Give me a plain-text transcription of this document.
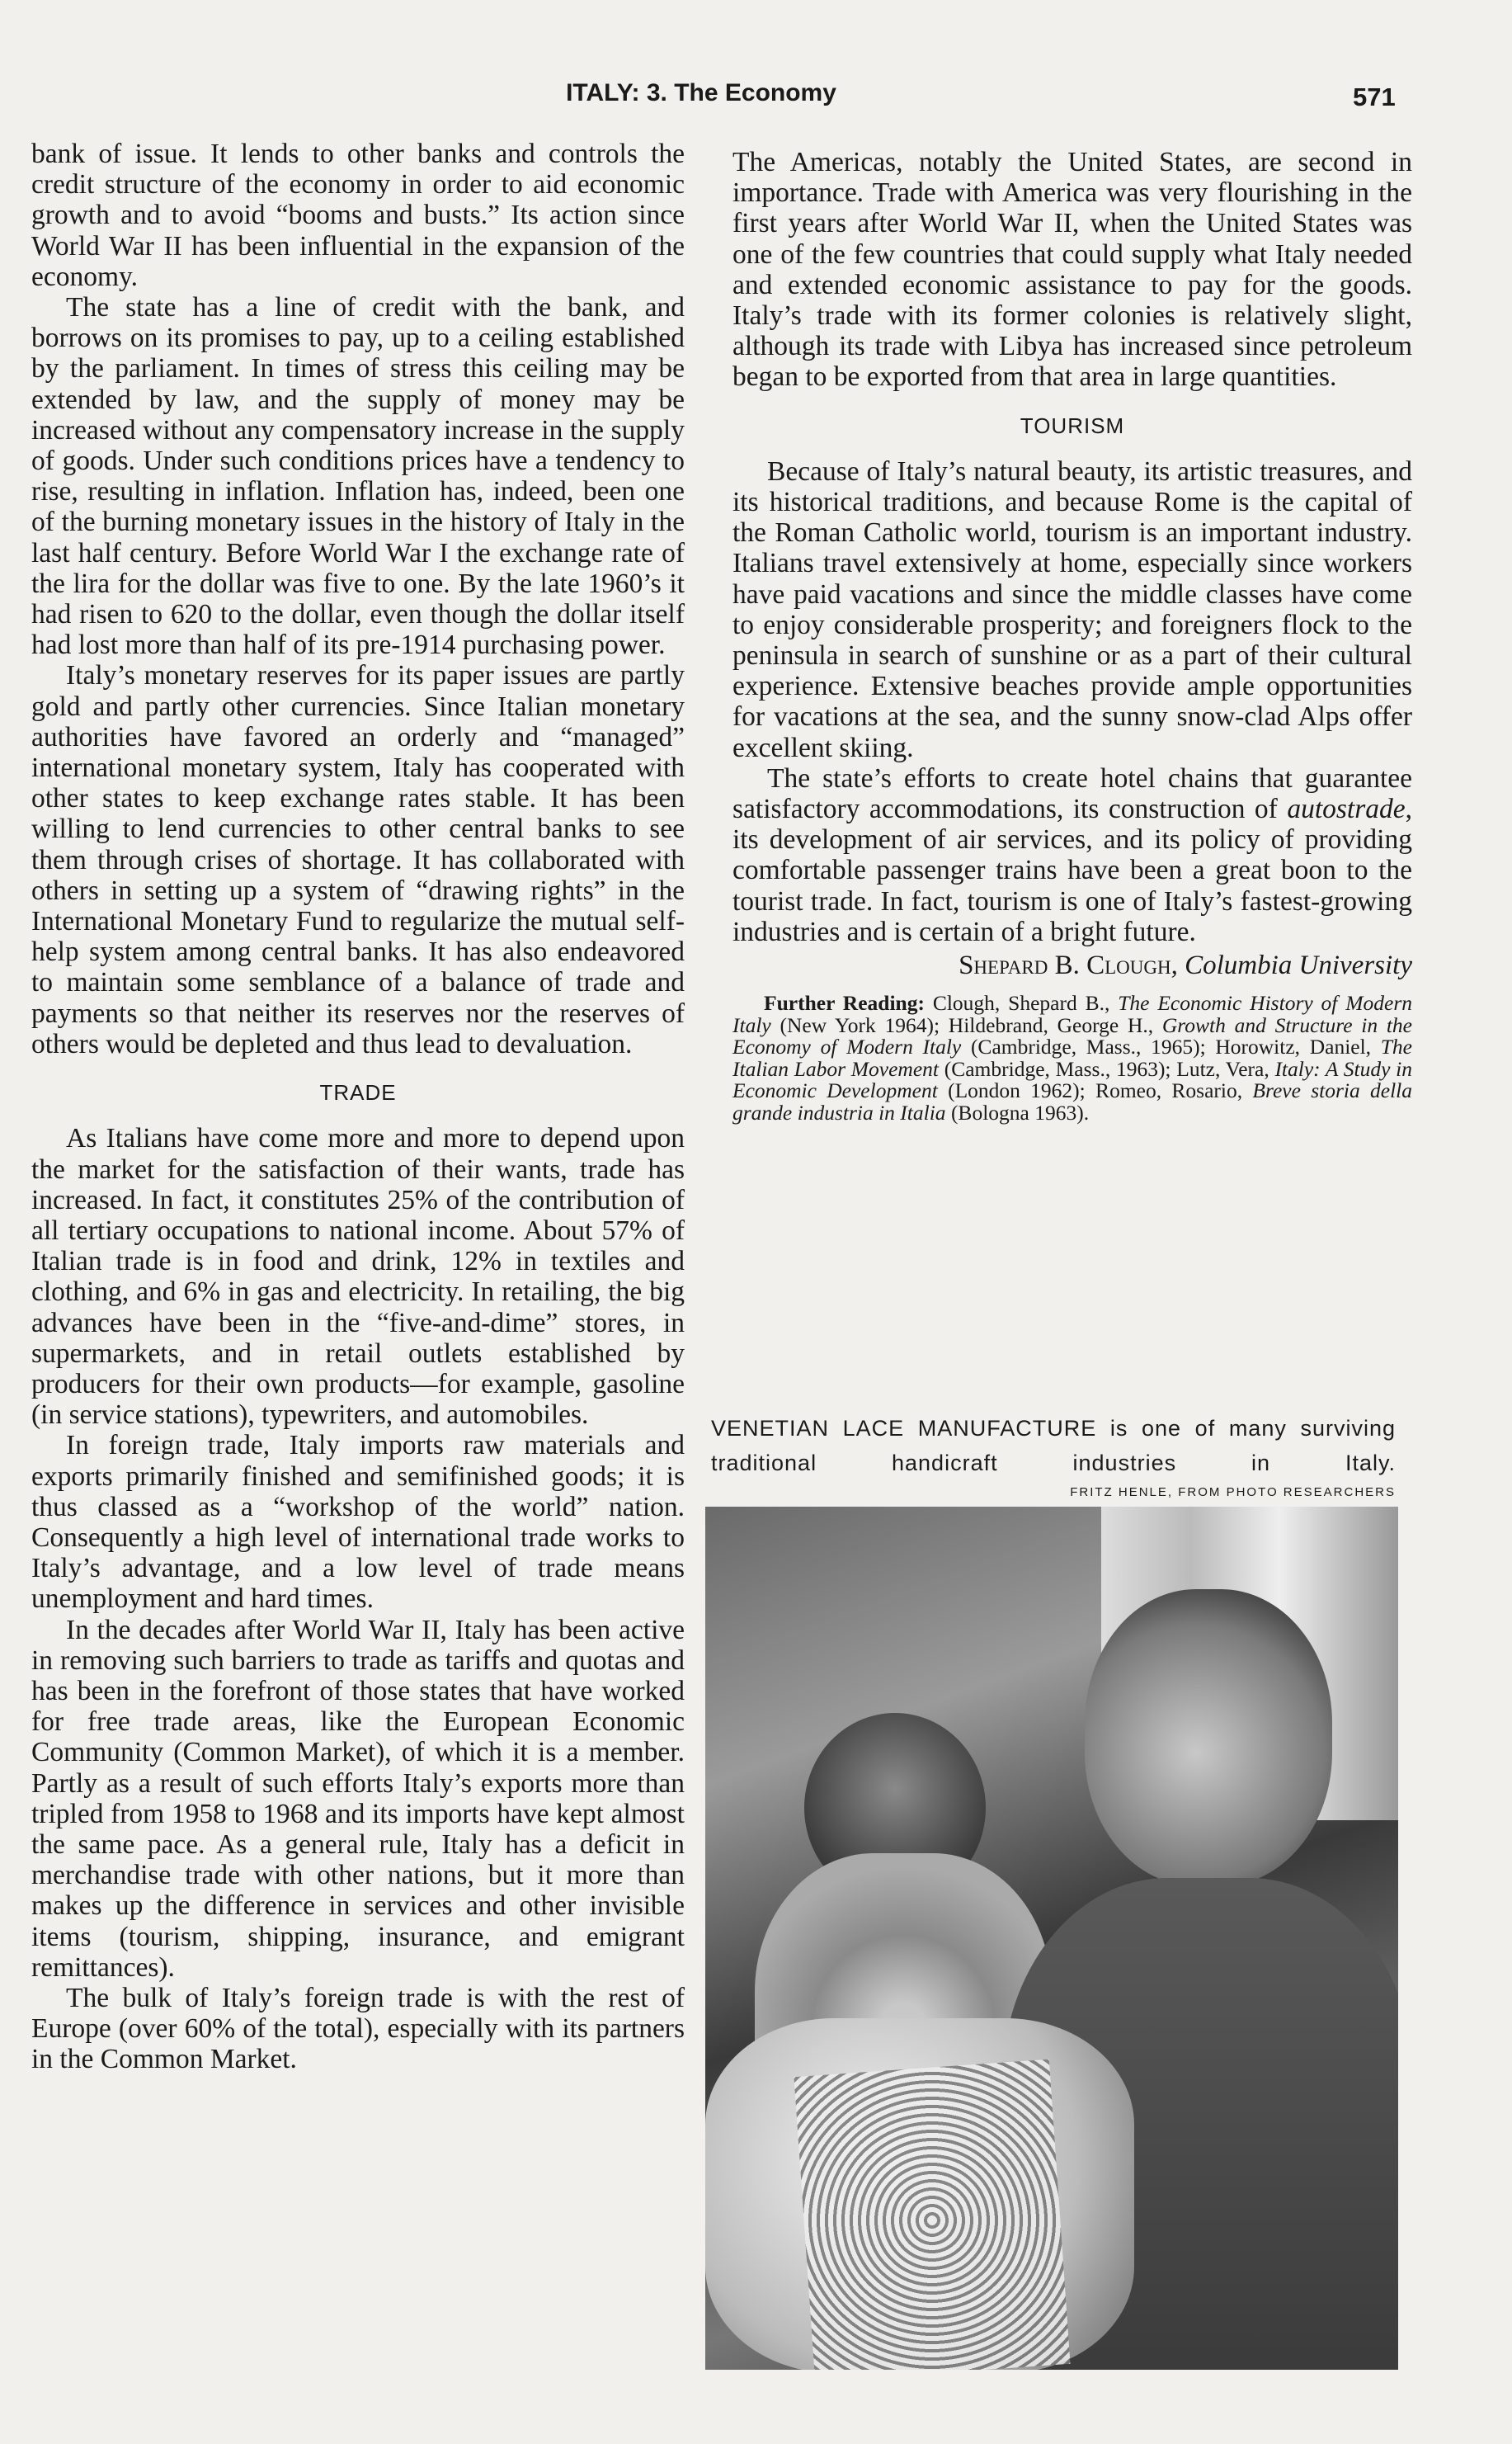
ITALY: 3. The Economy	571

bank of issue. It lends to other banks and controls the credit structure of the economy in order to aid economic growth and to avoid “booms and busts.” Its action since World War II has been influential in the expansion of the economy.

The state has a line of credit with the bank, and borrows on its promises to pay, up to a ceiling established by the parliament. In times of stress this ceiling may be extended by law, and the supply of money may be increased without any compensatory increase in the supply of goods. Under such conditions prices have a tendency to rise, resulting in inflation. Inflation has, indeed, been one of the burning monetary issues in the history of Italy in the last half century. Before World War I the exchange rate of the lira for the dollar was five to one. By the late 1960’s it had risen to 620 to the dollar, even though the dollar itself had lost more than half of its pre-1914 purchasing power.

Italy’s monetary reserves for its paper issues are partly gold and partly other currencies. Since Italian monetary authorities have favored an orderly and “managed” international monetary system, Italy has cooperated with other states to keep exchange rates stable. It has been willing to lend currencies to other central banks to see them through crises of shortage. It has collaborated with others in setting up a system of “drawing rights” in the International Monetary Fund to regularize the mutual self-help system among central banks. It has also endeavored to maintain some semblance of a balance of trade and payments so that neither its reserves nor the reserves of others would be depleted and thus lead to devaluation.

TRADE

As Italians have come more and more to depend upon the market for the satisfaction of their wants, trade has increased. In fact, it constitutes 25% of the contribution of all tertiary occupations to national income. About 57% of Italian trade is in food and drink, 12% in textiles and clothing, and 6% in gas and electricity. In retailing, the big advances have been in the “five-and-dime” stores, in supermarkets, and in retail outlets established by producers for their own products—for example, gasoline (in service stations), typewriters, and automobiles.

In foreign trade, Italy imports raw materials and exports primarily finished and semifinished goods; it is thus classed as a “workshop of the world” nation. Consequently a high level of international trade works to Italy’s advantage, and a low level of trade means unemployment and hard times.

In the decades after World War II, Italy has been active in removing such barriers to trade as tariffs and quotas and has been in the forefront of those states that have worked for free trade areas, like the European Economic Community (Common Market), of which it is a member. Partly as a result of such efforts Italy’s exports more than tripled from 1958 to 1968 and its imports have kept almost the same pace. As a general rule, Italy has a deficit in merchandise trade with other nations, but it more than makes up the difference in services and other invisible items (tourism, shipping, insurance, and emigrant remittances).

The bulk of Italy’s foreign trade is with the rest of Europe (over 60% of the total), especially with its partners in the Common Market.

The Americas, notably the United States, are second in importance. Trade with America was very flourishing in the first years after World War II, when the United States was one of the few countries that could supply what Italy needed and extended economic assistance to pay for the goods. Italy’s trade with its former colonies is relatively slight, although its trade with Libya has increased since petroleum began to be exported from that area in large quantities.

TOURISM

Because of Italy’s natural beauty, its artistic treasures, and its historical traditions, and because Rome is the capital of the Roman Catholic world, tourism is an important industry. Italians travel extensively at home, especially since workers have paid vacations and since the middle classes have come to enjoy considerable prosperity; and foreigners flock to the peninsula in search of sunshine or as a part of their cultural experience. Extensive beaches provide ample opportunities for vacations at the sea, and the sunny snow-clad Alps offer excellent skiing.

The state’s efforts to create hotel chains that guarantee satisfactory accommodations, its construction of autostrade, its development of air services, and its policy of providing comfortable passenger trains have been a great boon to the tourist trade. In fact, tourism is one of Italy’s fastest-growing industries and is certain of a bright future.

Shepard B. Clough, Columbia University
Further Reading: Clough, Shepard B., The Economic History of Modern Italy (New York 1964); Hildebrand, George H., Growth and Structure in the Economy of Modern Italy (Cambridge, Mass., 1965); Horowitz, Daniel, The Italian Labor Movement (Cambridge, Mass., 1963); Lutz, Vera, Italy: A Study in Economic Development (London 1962); Romeo, Rosario, Breve storia della grande industria in Italia (Bologna 1963).
VENETIAN LACE MANUFACTURE is one of many surviving traditional handicraft industries in Italy.
FRITZ HENLE, FROM PHOTO RESEARCHERS
